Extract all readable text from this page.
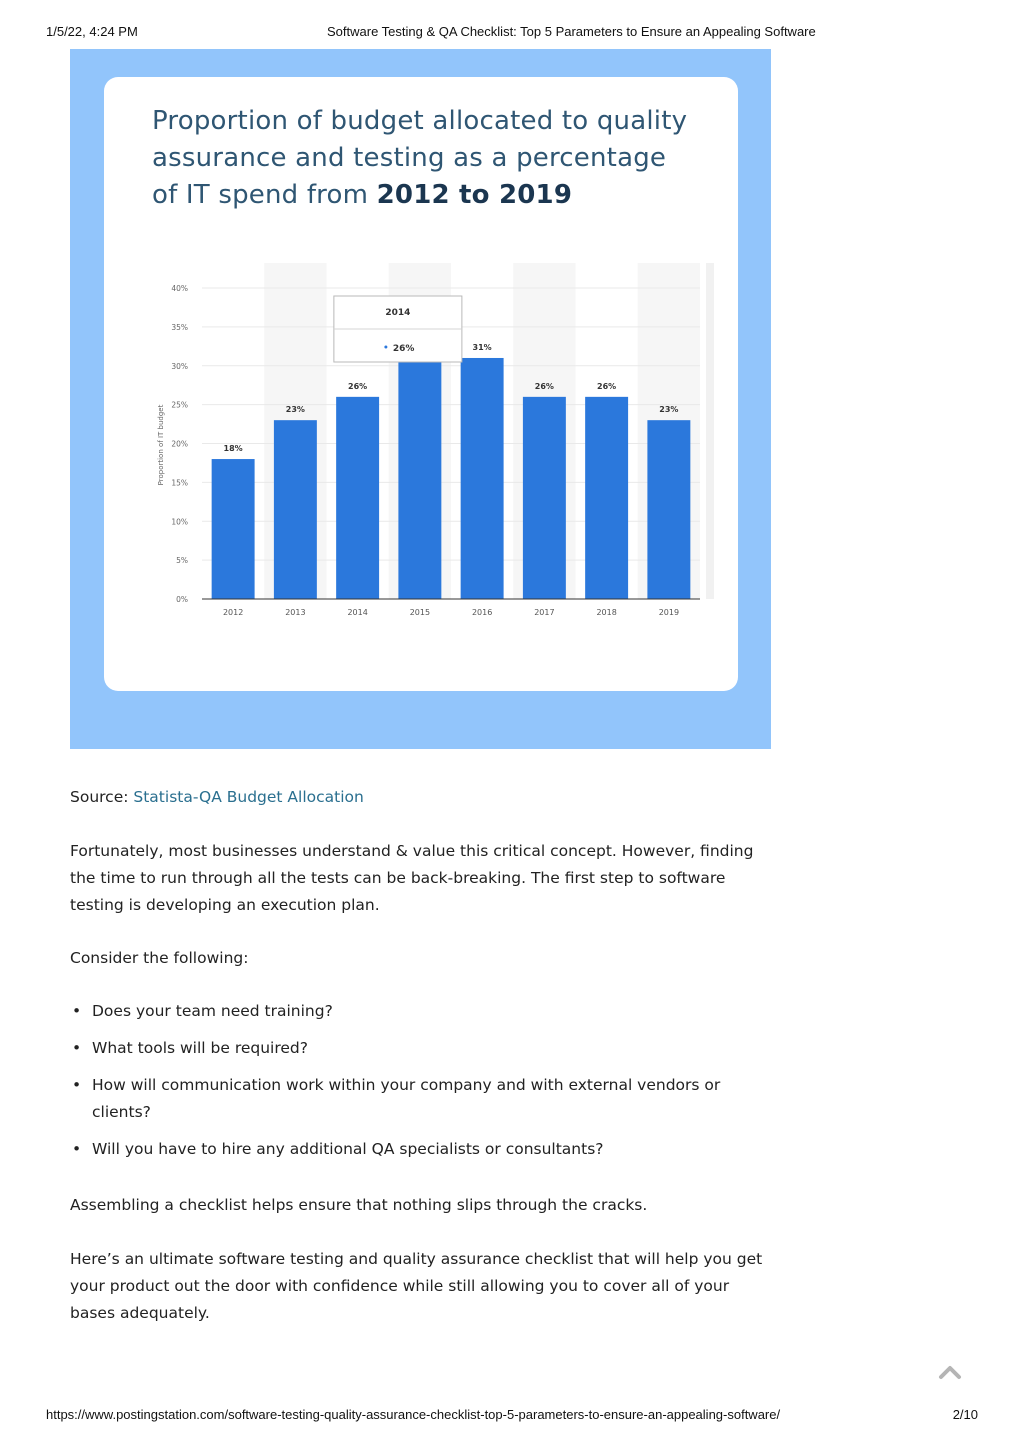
1/5/22, 4:24 PM	Software Testing & QA Checklist: Top 5 Parameters to Ensure an Appealing Software
Proportion of budget allocated to quality
assurance and testing as a percentage
of IT spend from 2012 to 2019
0%
5%
10%
15%
20%
25%
30%
35%
40%
Proportion of IT budget	18%
23%
26%
31%
26%	26%
23%
2012	2013	2014	2015	2016	2017	2018	2019
2014
26%
Source: Statista-QA Budget Allocation

Fortunately, most businesses understand & value this critical concept. However, finding the time to run through all the tests can be back-breaking. The first step to software testing is developing an execution plan.

Consider the following:

• Does your team need training?
• What tools will be required?
• How will communication work within your company and with external vendors or clients?
• Will you have to hire any additional QA specialists or consultants?

Assembling a checklist helps ensure that nothing slips through the cracks.

Here’s an ultimate software testing and quality assurance checklist that will help you get your product out the door with confidence while still allowing you to cover all of your bases adequately.

https://www.postingstation.com/software-testing-quality-assurance-checklist-top-5-parameters-to-ensure-an-appealing-software/	2/10
